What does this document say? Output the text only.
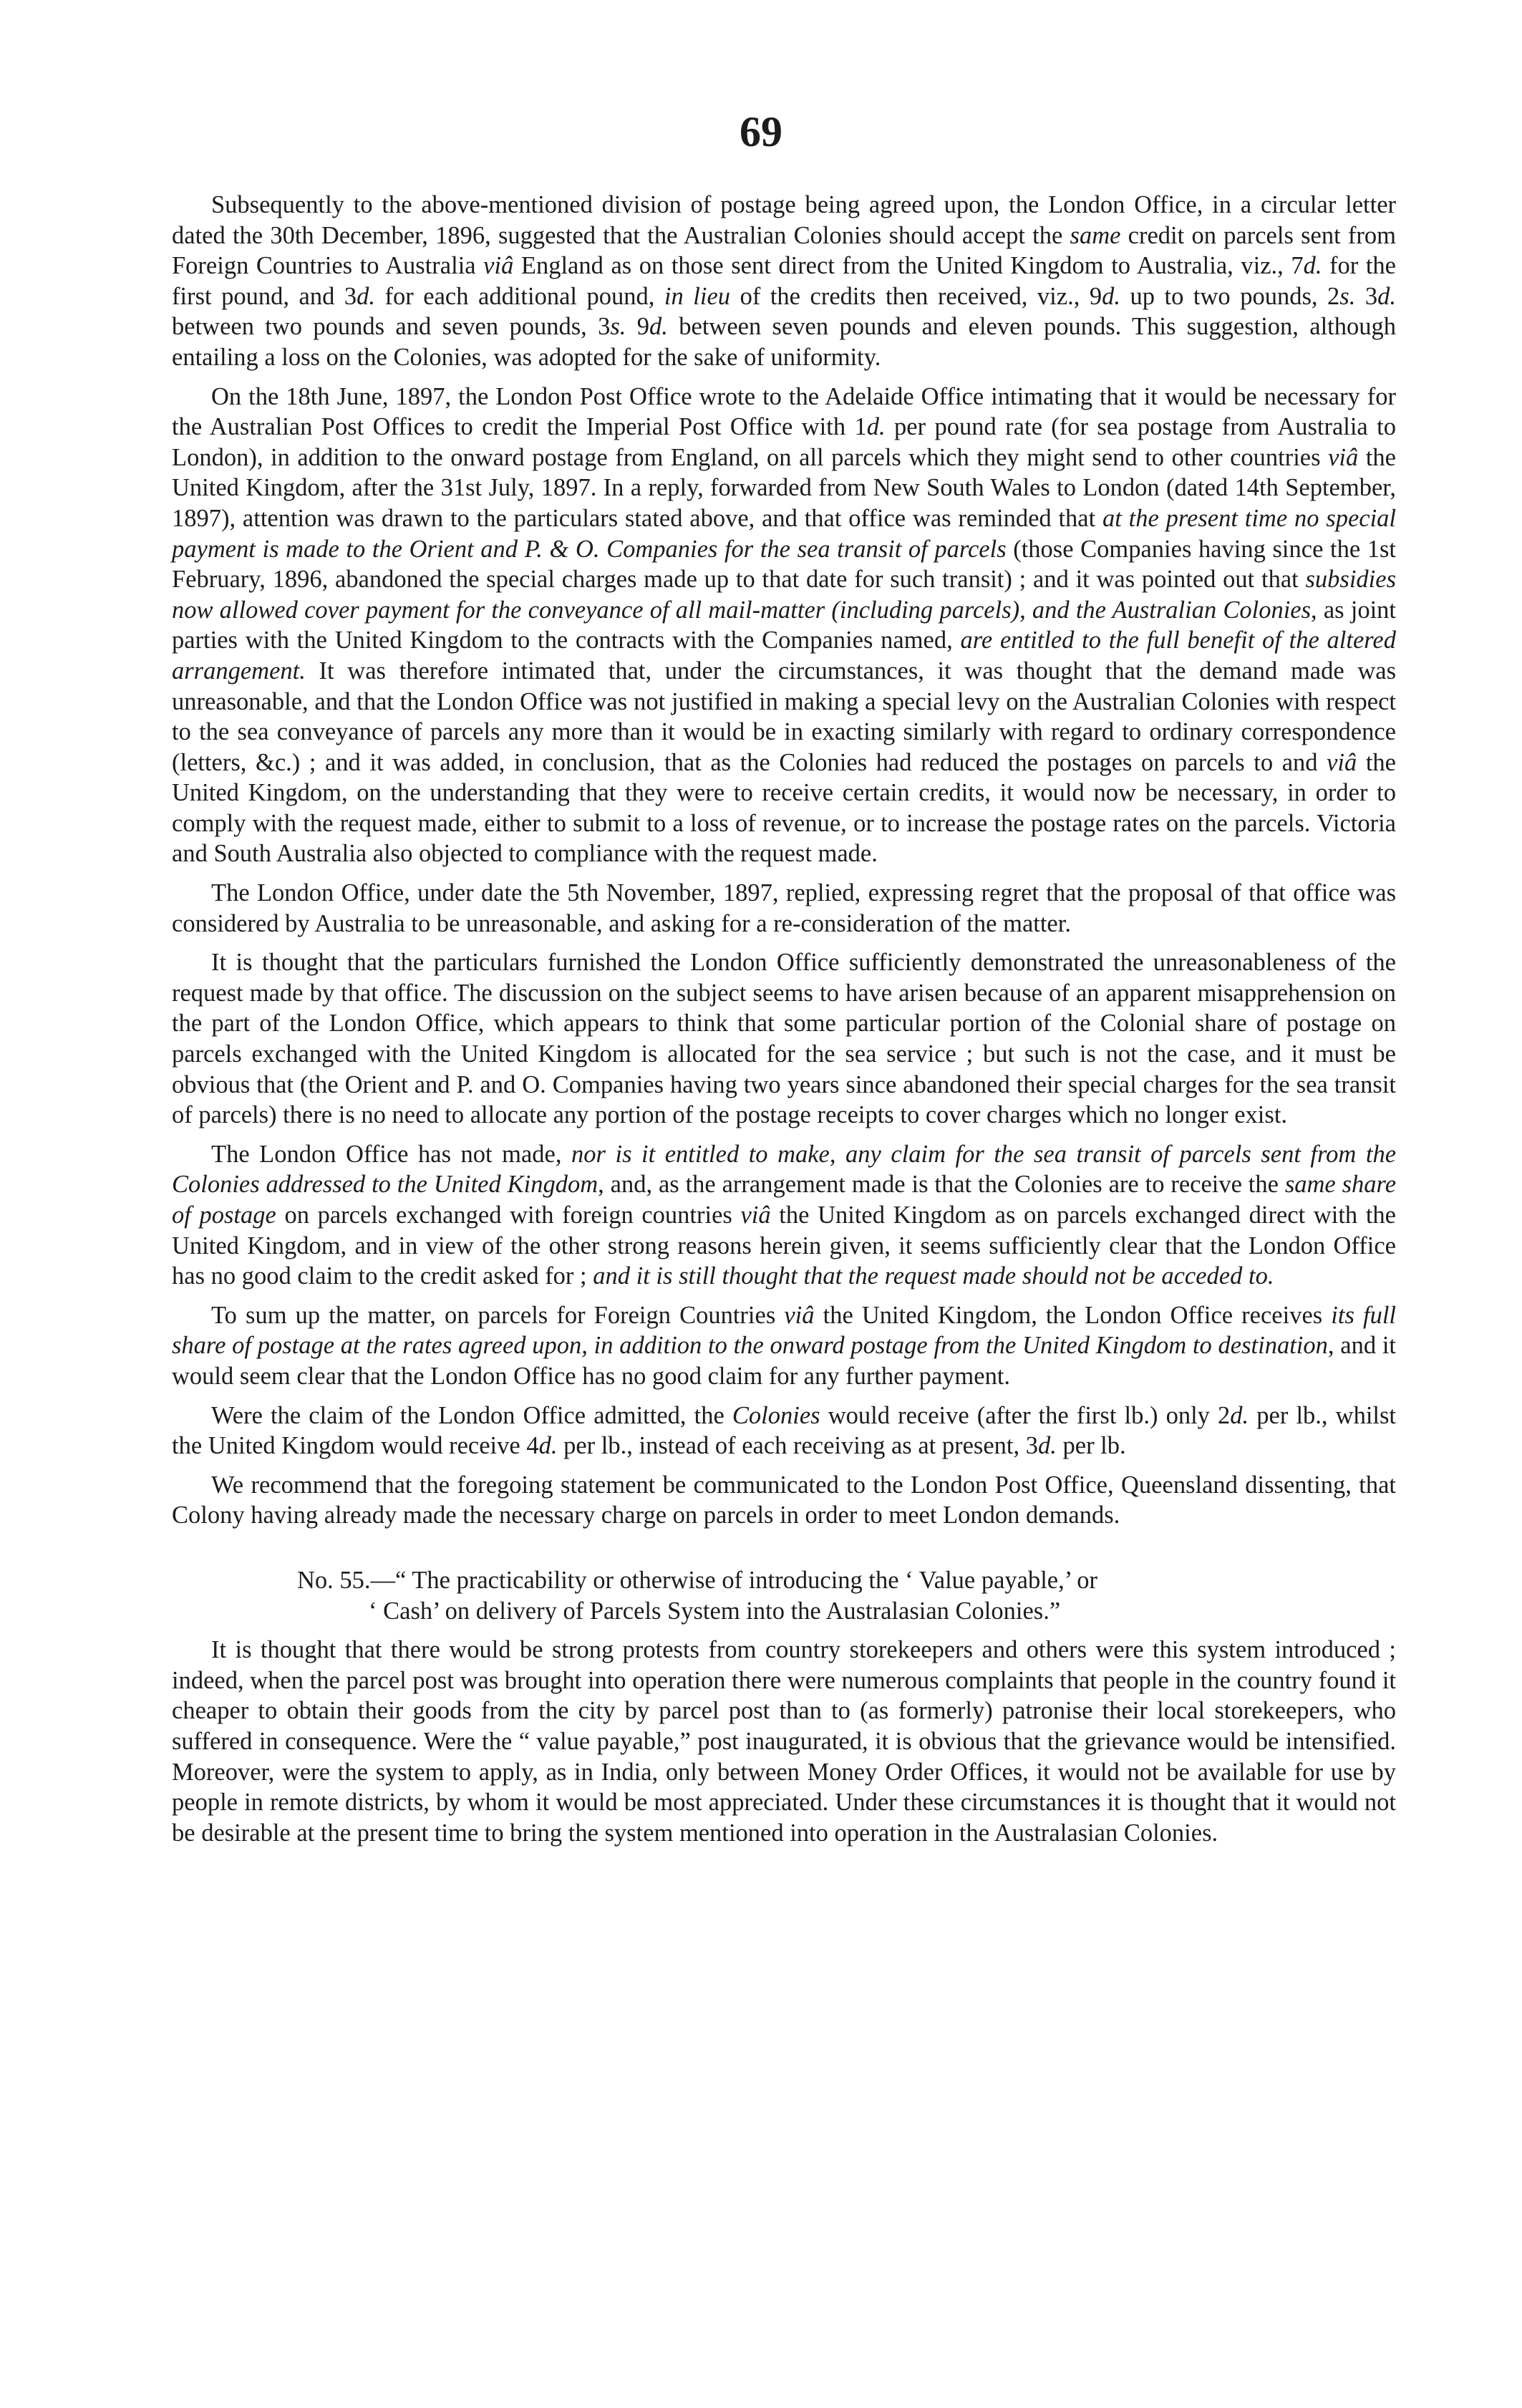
69

Subsequently to the above-mentioned division of postage being agreed upon, the London Office, in a circular letter dated the 30th December, 1896, suggested that the Australian Colonies should accept the same credit on parcels sent from Foreign Countries to Australia viâ England as on those sent direct from the United Kingdom to Australia, viz., 7d. for the first pound, and 3d. for each additional pound, in lieu of the credits then received, viz., 9d. up to two pounds, 2s. 3d. between two pounds and seven pounds, 3s. 9d. between seven pounds and eleven pounds. This suggestion, although entailing a loss on the Colonies, was adopted for the sake of uniformity.

On the 18th June, 1897, the London Post Office wrote to the Adelaide Office intimating that it would be necessary for the Australian Post Offices to credit the Imperial Post Office with 1d. per pound rate (for sea postage from Australia to London), in addition to the onward postage from England, on all parcels which they might send to other countries viâ the United Kingdom, after the 31st July, 1897. In a reply, forwarded from New South Wales to London (dated 14th September, 1897), attention was drawn to the particulars stated above, and that office was reminded that at the present time no special payment is made to the Orient and P. & O. Companies for the sea transit of parcels (those Companies having since the 1st February, 1896, abandoned the special charges made up to that date for such transit) ; and it was pointed out that subsidies now allowed cover payment for the conveyance of all mail-matter (including parcels), and the Australian Colonies, as joint parties with the United Kingdom to the contracts with the Companies named, are entitled to the full benefit of the altered arrangement. It was therefore intimated that, under the circumstances, it was thought that the demand made was unreasonable, and that the London Office was not justified in making a special levy on the Australian Colonies with respect to the sea conveyance of parcels any more than it would be in exacting similarly with regard to ordinary correspondence (letters, &c.) ; and it was added, in conclusion, that as the Colonies had reduced the postages on parcels to and viâ the United Kingdom, on the understanding that they were to receive certain credits, it would now be necessary, in order to comply with the request made, either to submit to a loss of revenue, or to increase the postage rates on the parcels. Victoria and South Australia also objected to compliance with the request made.

The London Office, under date the 5th November, 1897, replied, expressing regret that the proposal of that office was considered by Australia to be unreasonable, and asking for a re-consideration of the matter.

It is thought that the particulars furnished the London Office sufficiently demonstrated the unreasonableness of the request made by that office. The discussion on the subject seems to have arisen because of an apparent misapprehension on the part of the London Office, which appears to think that some particular portion of the Colonial share of postage on parcels exchanged with the United Kingdom is allocated for the sea service ; but such is not the case, and it must be obvious that (the Orient and P. and O. Companies having two years since abandoned their special charges for the sea transit of parcels) there is no need to allocate any portion of the postage receipts to cover charges which no longer exist.

The London Office has not made, nor is it entitled to make, any claim for the sea transit of parcels sent from the Colonies addressed to the United Kingdom, and, as the arrangement made is that the Colonies are to receive the same share of postage on parcels exchanged with foreign countries viâ the United Kingdom as on parcels exchanged direct with the United Kingdom, and in view of the other strong reasons herein given, it seems sufficiently clear that the London Office has no good claim to the credit asked for ; and it is still thought that the request made should not be acceded to.

To sum up the matter, on parcels for Foreign Countries viâ the United Kingdom, the London Office receives its full share of postage at the rates agreed upon, in addition to the onward postage from the United Kingdom to destination, and it would seem clear that the London Office has no good claim for any further payment.

Were the claim of the London Office admitted, the Colonies would receive (after the first lb.) only 2d. per lb., whilst the United Kingdom would receive 4d. per lb., instead of each receiving as at present, 3d. per lb.

We recommend that the foregoing statement be communicated to the London Post Office, Queensland dissenting, that Colony having already made the necessary charge on parcels in order to meet London demands.

No. 55.—“ The practicability or otherwise of introducing the ‘ Value payable,’ or
‘ Cash’ on delivery of Parcels System into the Australasian Colonies.”

It is thought that there would be strong protests from country storekeepers and others were this system introduced ; indeed, when the parcel post was brought into operation there were numerous complaints that people in the country found it cheaper to obtain their goods from the city by parcel post than to (as formerly) patronise their local storekeepers, who suffered in consequence. Were the “ value payable,” post inaugurated, it is obvious that the grievance would be intensified. Moreover, were the system to apply, as in India, only between Money Order Offices, it would not be available for use by people in remote districts, by whom it would be most appreciated. Under these circumstances it is thought that it would not be desirable at the present time to bring the system mentioned into operation in the Australasian Colonies.
